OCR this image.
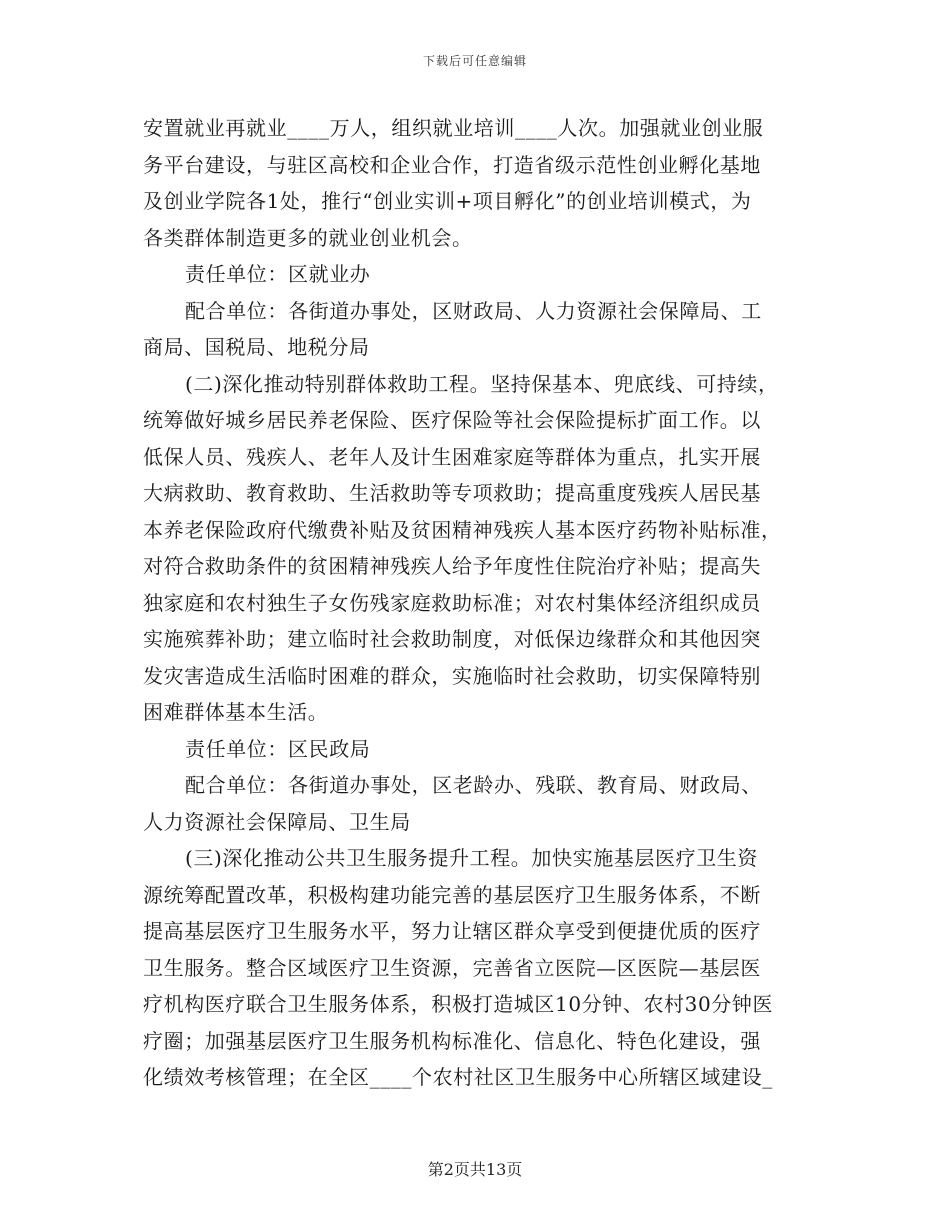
下载后可任意编辑
安置就业再就业____万人，组织就业培训____人次。加强就业创业服
务平台建设，与驻区高校和企业合作，打造省级示范性创业孵化基地
及创业学院各1处，推行“创业实训+项目孵化”的创业培训模式，为
各类群体制造更多的就业创业机会。
责任单位：区就业办
配合单位：各街道办事处，区财政局、人力资源社会保障局、工
商局、国税局、地税分局
(二)深化推动特别群体救助工程。坚持保基本、兜底线、可持续，
统筹做好城乡居民养老保险、医疗保险等社会保险提标扩面工作。以
低保人员、残疾人、老年人及计生困难家庭等群体为重点，扎实开展
大病救助、教育救助、生活救助等专项救助；提高重度残疾人居民基
本养老保险政府代缴费补贴及贫困精神残疾人基本医疗药物补贴标准，
对符合救助条件的贫困精神残疾人给予年度性住院治疗补贴；提高失
独家庭和农村独生子女伤残家庭救助标准；对农村集体经济组织成员
实施殡葬补助；建立临时社会救助制度，对低保边缘群众和其他因突
发灾害造成生活临时困难的群众，实施临时社会救助，切实保障特别
困难群体基本生活。
责任单位：区民政局
配合单位：各街道办事处，区老龄办、残联、教育局、财政局、
人力资源社会保障局、卫生局
(三)深化推动公共卫生服务提升工程。加快实施基层医疗卫生资
源统筹配置改革，积极构建功能完善的基层医疗卫生服务体系，不断
提高基层医疗卫生服务水平，努力让辖区群众享受到便捷优质的医疗
卫生服务。整合区域医疗卫生资源，完善省立医院—区医院—基层医
疗机构医疗联合卫生服务体系，积极打造城区10分钟、农村30分钟医
疗圈；加强基层医疗卫生服务机构标准化、信息化、特色化建设，强
化绩效考核管理；在全区____个农村社区卫生服务中心所辖区域建设_
第2页共13页
